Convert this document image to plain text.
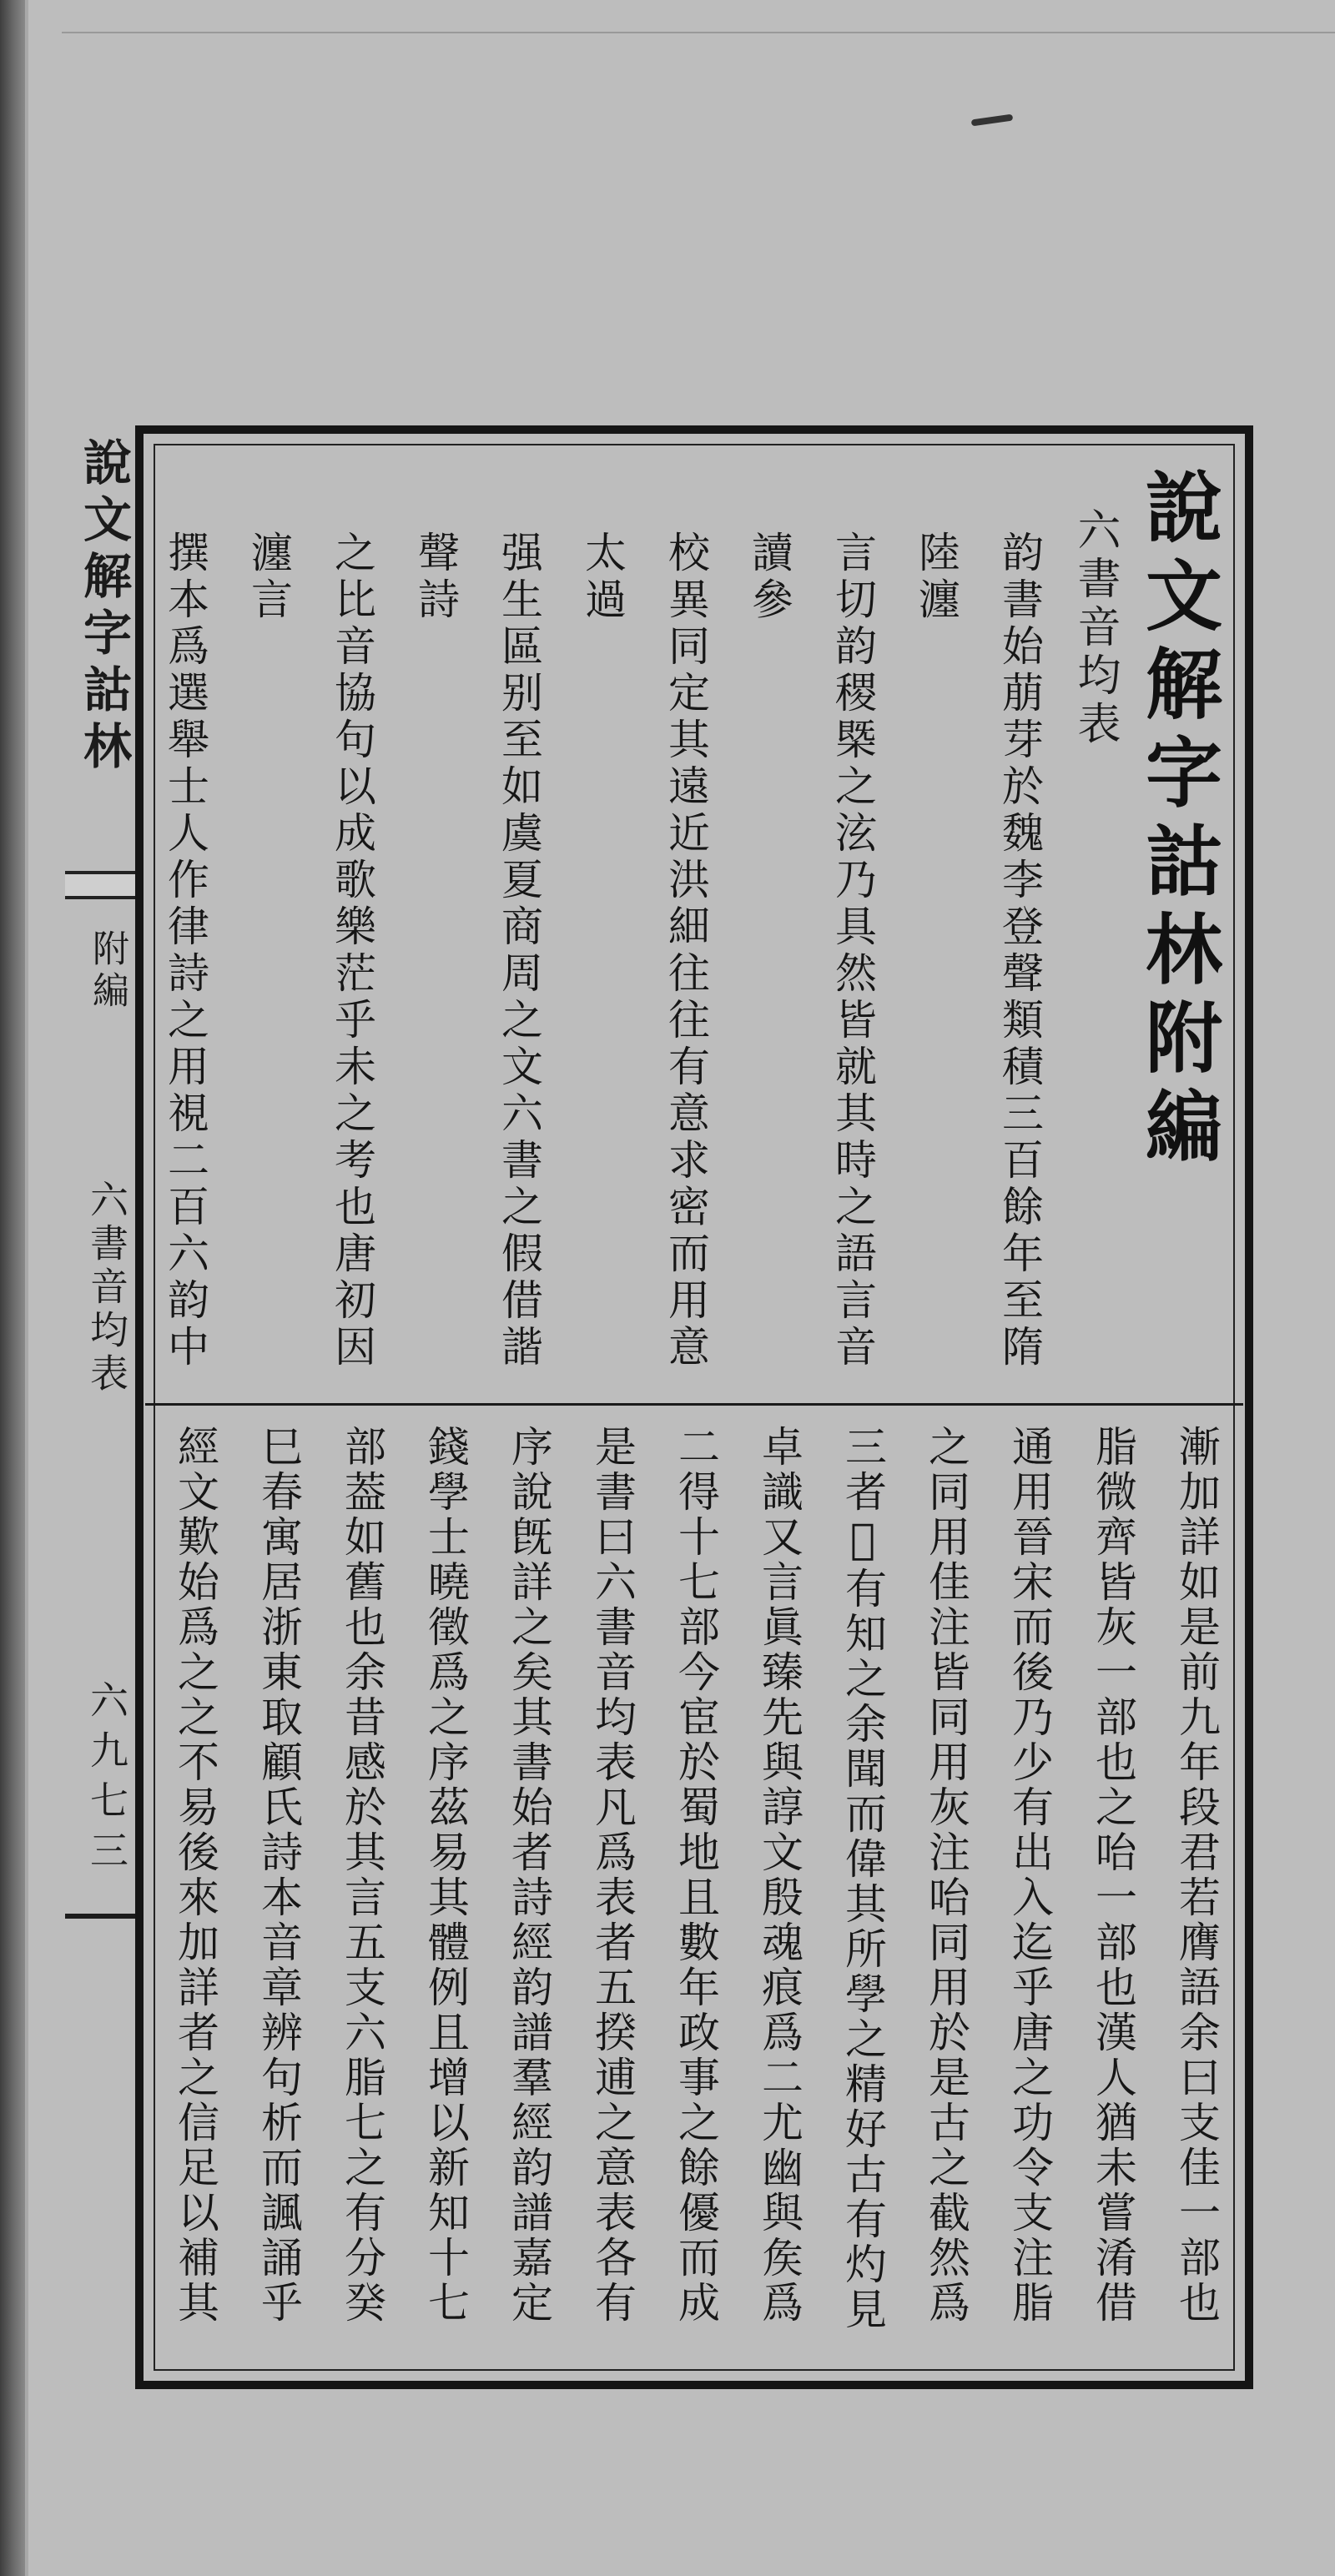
說文解字詁林
附編
六書音均表
六九七三
說文解字詁林附編
六書音均表

韵書始萠芽於魏李登聲類積三百餘年至隋陸瀍

言切韵稷槩之泫乃具然皆就其時之語言音讀參

校異同定其遠近洪細往往有意求密而用意太過

强生區别至如虞夏商周之文六書之假借諧聲詩

之比音協句以成歌樂茫乎未之考也唐初因瀍言

撰本爲選舉士人作律詩之用視二百六韵中

漸加詳如是前九年段君若膺語余曰支佳一部也

脂微齊皆灰一部也之咍一部也漢人猶未嘗淆借

通用晉宋而後乃少有出入迄乎唐之功令支注脂

之同用佳注皆同用灰注咍同用於是古之截然爲

三者𡚶有知之余聞而偉其所學之精好古有灼見

卓識又言眞臻先與諄文殷魂痕爲二尤幽與矦爲

二得十七部今宦於蜀地且數年政事之餘優而成

是書曰六書音均表凡爲表者五揆逋之意表各有

序說旣詳之矣其書始者詩經韵譜羣經韵譜嘉定

錢學士曉徵爲之序茲易其體例且增以新知十七

部葢如舊也余昔感於其言五支六脂七之有分癸

巳春寓居浙東取顧氏詩本音章辨句析而諷誦乎

經文歎始爲之之不易後來加詳者之信足以補其
